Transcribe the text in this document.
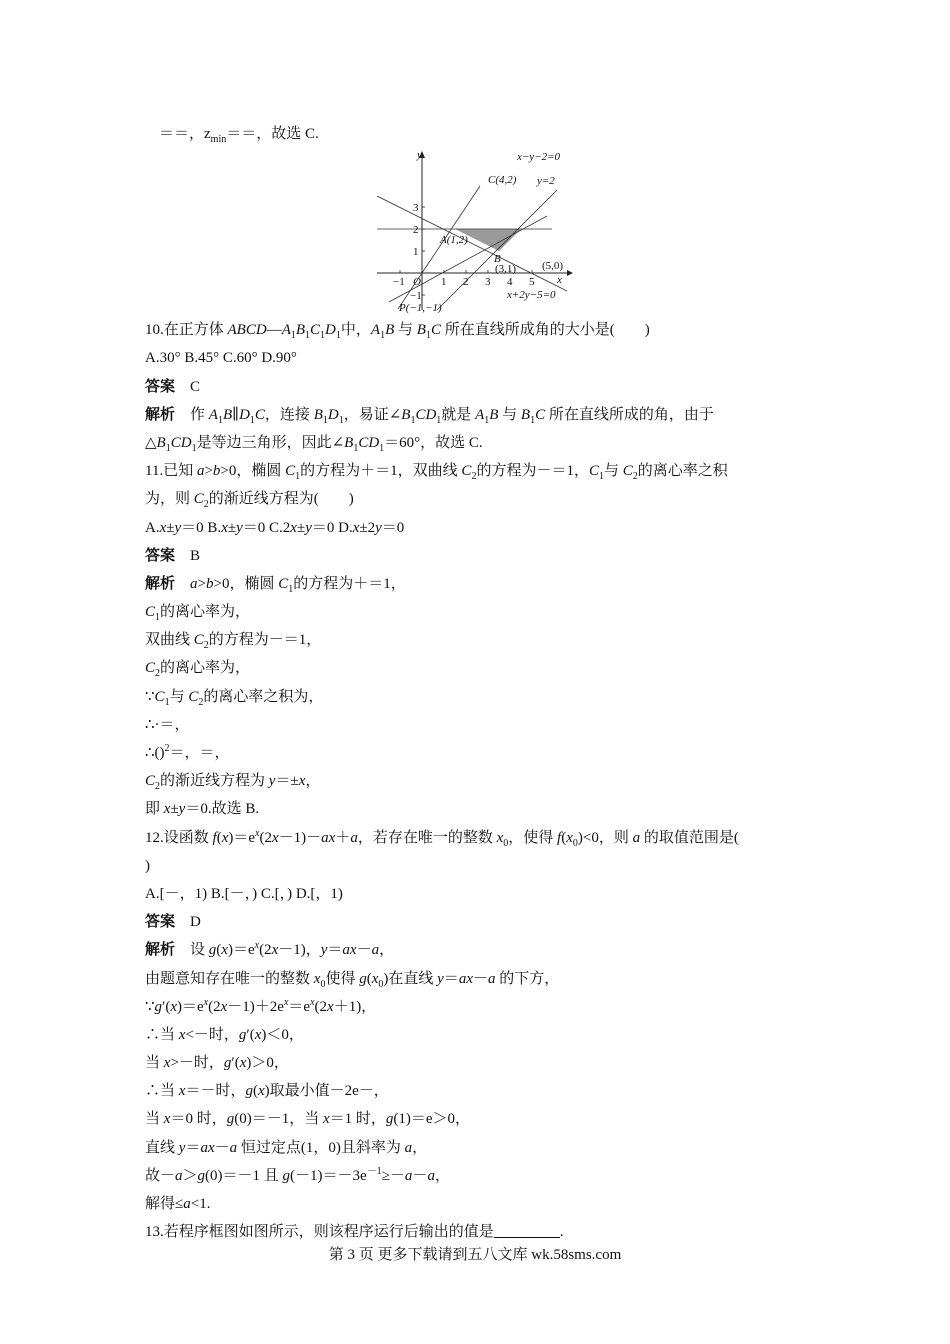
＝＝，$z_{min}==$，故选 C.
y
x
−1	1 2 3 4 5
3
2
1
−1
O
x−y−2=0
y=2
x+2y−5=0
C(4,2)
A(1,2)
B
(3,1) (5,0)
P(−1,−1)
10.在正方体 $ABCD—A_1B_1C_1D_1$中，$A_1B$ 与 $B_1C$ 所在直线所成角的大小是(  )
A.30° B.45° C.60° D.90°
答案 C
解析 作 $A_1B\parallel D_1C$，连接 $B_1D_1$，易证$\angle B_1CD_1$就是 $A_1B$ 与 $B_1C$ 所在直线所成的角，由于
$\triangle B_1CD_1$是等边三角形，因此$\angle B_1CD_1=60^\circ$，故选 C.
11.已知 a>b>0，椭圆 $C_1$的方程为＋＝1，双曲线 $C_2$的方程为－＝1，$C_1$与 $C_2$的离心率之积
为，则 $C_2$的渐近线方程为(  )
A.x±y＝0 B.x±y＝0 C.2x±y＝0 D.x±2y＝0
答案 B
解析  a>b>0，椭圆 $C_1$的方程为＋＝1，
$C_1$的离心率为，
双曲线 $C_2$的方程为－＝1，
$C_2$的离心率为，
$\because C_1$与 $C_2$的离心率之积为，
∴·＝，
∴()$^2$＝，＝，
$C_2$的渐近线方程为 y＝±x，
即 x±y＝0.故选 B.
12.设函数 $f(x)=e^x(2x-1)-ax+a$，若存在唯一的整数 $x_0$，使得 $f(x_0)<0$，则 a 的取值范围是(
)
A.[－，1) B.[－，) C.[，) D.[，1)
答案 D
解析 设 $g(x)=e^x(2x-1)$，y＝ax－a，
由题意知存在唯一的整数 $x_0$使得 $g(x_0)$在直线 y＝ax－a 的下方，
$\because g'(x)=e^x(2x-1)+2e^x=e^x(2x+1)$，
∴当 x<－时，g′(x)＜0，
当 x>－时，g′(x)＞0，
∴当 x＝－时，g(x)取最小值－2e－，
当 x＝0 时，g(0)＝－1，当 x＝1 时，g(1)＝e＞0，
直线 y＝ax－a 恒过定点(1，0)且斜率为 a，
故－a＞g(0)＝－1 且 $g(-1)=-3e^{-1}\ge-a-a$，
解得≤a<1.
13.若程序框图如图所示，则该程序运行后输出的值是	.
第 3 页 更多下载请到五八文库 wk.58sms.com
